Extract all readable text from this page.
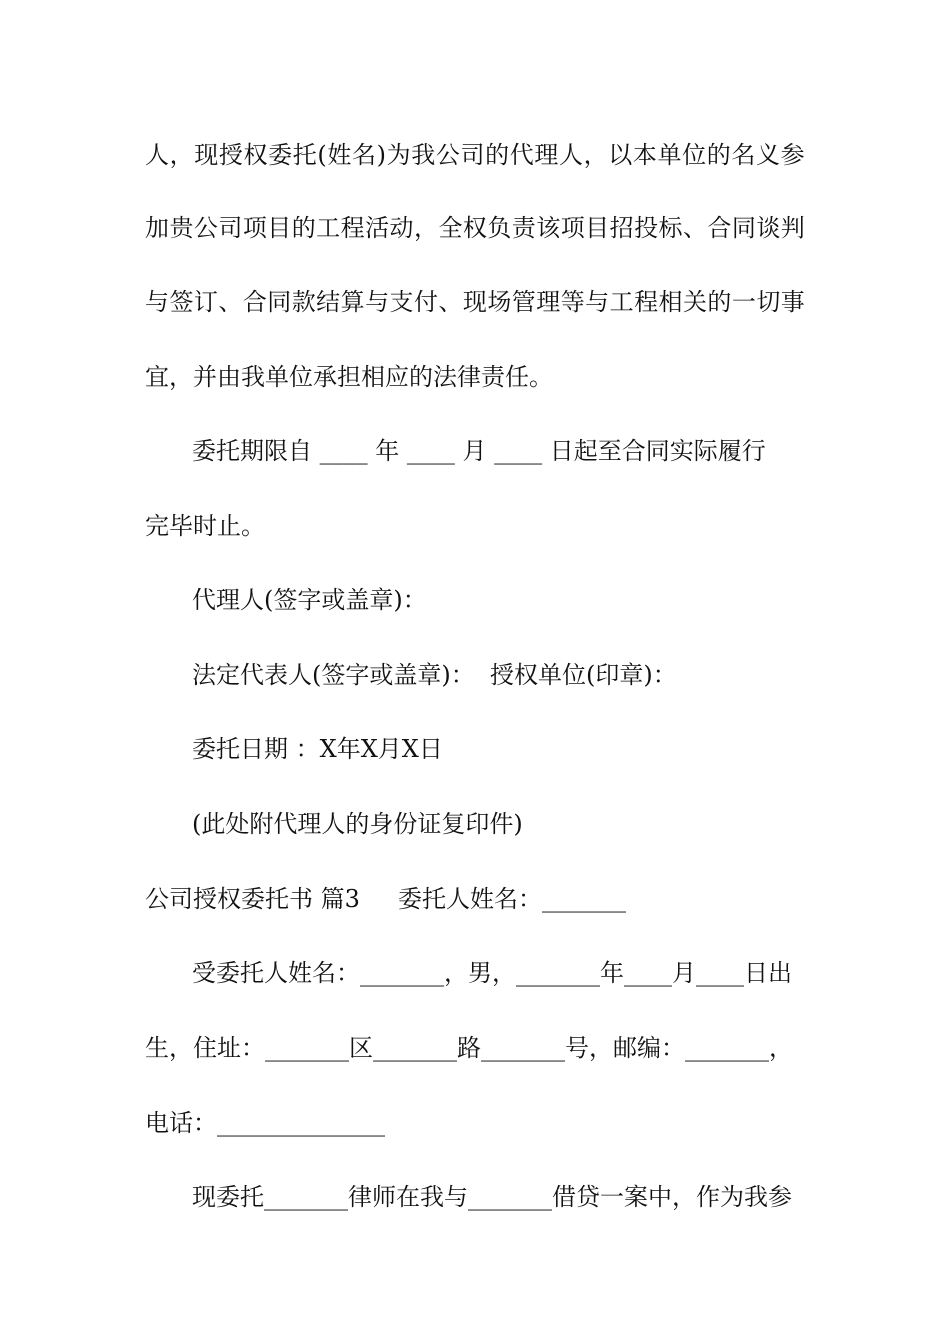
人 ， 现 授 权 委 托 ( 姓 名 ) 为 我 公 司 的 代 理 人 ， 以 本 单 位 的 名 义 参
加 贵 公 司 项 目 的 工 程 活 动 ， 全 权 负 责 该 项 目 招 投 标 、 合 同 谈 判
与 签 订 、 合 同 款 结 算 与 支 付 、 现 场 管 理 等 与 工 程 相 关 的 一 切 事
宜，并由我单位承担相应的法律责任。
委托期限自 ____ 年 ____ 月 ____ 日起至合同实际履行
完毕时止。
代理人(签字或盖章)：
法定代表人(签字或盖章)：  授权单位(印章)：
委托日期 ：X年X月X日
(此处附代理人的身份证复印件)
公司授权委托书 篇3     委托人姓名：_______
受委托人姓名：_______，男，_______年____月____日出
生，住址：_______区_______路_______号，邮编：_______，
电话：______________
现委托_______律师在我与_______借贷一案中，作为我参
